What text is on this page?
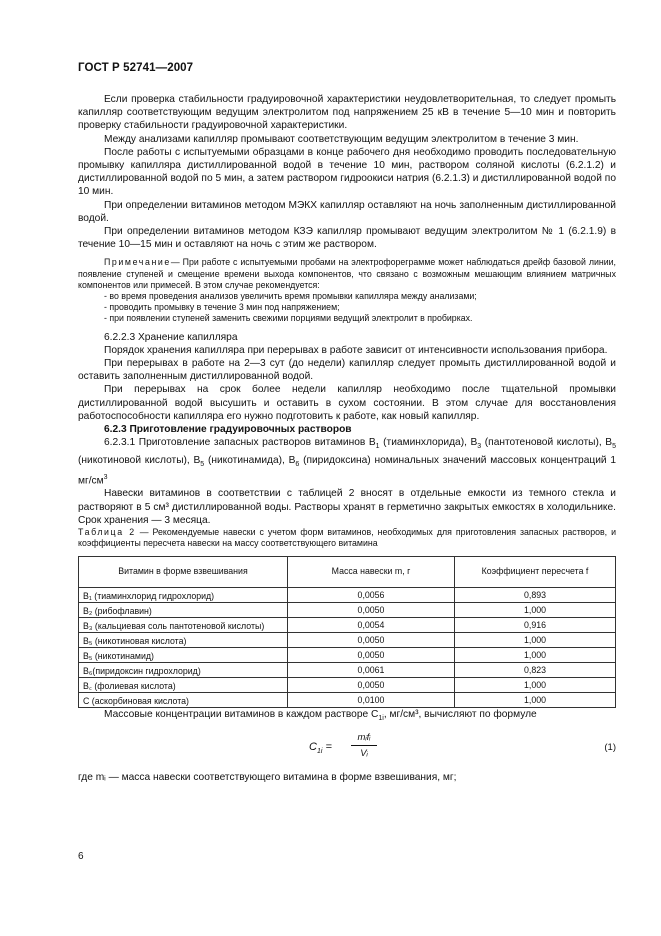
ГОСТ Р 52741—2007

Если проверка стабильности градуировочной характеристики неудовлетворительная, то следует промыть капилляр соответствующим ведущим электролитом под напряжением 25 кВ в течение 5—10 мин и повторить проверку стабильности градуировочной характеристики.

Между анализами капилляр промывают соответствующим ведущим электролитом в течение 3 мин.

После работы с испытуемыми образцами в конце рабочего дня необходимо проводить последовательную промывку капилляра дистиллированной водой в течение 10 мин, раствором соляной кислоты (6.2.1.2) и дистиллированной водой по 5 мин, а затем раствором гидроокиси натрия (6.2.1.3) и дистиллированной водой по 10 мин.

При определении витаминов методом МЭКХ капилляр оставляют на ночь заполненным дистиллированной водой.

При определении витаминов методом КЗЭ капилляр промывают ведущим электролитом № 1 (6.2.1.9) в течение 10—15 мин и оставляют на ночь с этим же раствором.

Примечание— При работе с испытуемыми пробами на электрофореграмме может наблюдаться дрейф базовой линии, появление ступеней и смещение времени выхода компонентов, что связано с возможным мешающим влиянием матричных компонентов или примесей. В этом случае рекомендуется:

- во время проведения анализов увеличить время промывки капилляра между анализами;

- проводить промывку в течение 3 мин под напряжением;

- при появлении ступеней заменить свежими порциями ведущий электролит в пробирках.

6.2.2.3 Хранение капилляра

Порядок хранения капилляра при перерывах в работе зависит от интенсивности использования прибора.

При перерывах в работе на 2—3 сут (до недели) капилляр следует промыть дистиллированной водой и оставить заполненным дистиллированной водой.

При перерывах на срок более недели капилляр необходимо после тщательной промывки дистиллированной водой высушить и оставить в сухом состоянии. В этом случае для восстановления работоспособности капилляра его нужно подготовить к работе, как новый капилляр.

6.2.3 Приготовление градуировочных растворов

6.2.3.1 Приготовление запасных растворов витаминов $В_1$ (тиаминхлорида), $В_3$ (пантотеновой кислоты), $В_5$ (никотиновой кислоты), $В_5$ (никотинамида), $В_6$ (пиридоксина) номинальных значений массовых концентраций 1 $мг/см^3$

Навески витаминов в соответствии с таблицей 2 вносят в отдельные емкости из темного стекла и растворяют в 5 см³ дистиллированной воды. Растворы хранят в герметично закрытых емкостях в холодильнике. Срок хранения — 3 месяца.

Таблица 2 — Рекомендуемые навески с учетом форм витаминов, необходимых для приготовления запасных растворов, и коэффициенты пересчета навески на массу соответствующего витамина

Витамин в форме взвешивания	Масса навески m, г	Коэффициент пересчета f
B₁ (тиаминхлорид гидрохлорид)	0,0056	0,893
B₂ (рибофлавин)	0,0050	1,000
B₃ (кальциевая соль пантотеновой кислоты)	0,0054	0,916
B₅ (никотиновая кислота)	0,0050	1,000
B₅ (никотинамид)	0,0050	1,000
B₆(пиридоксин гидрохлорид)	0,0061	0,823
B꜀ (фолиевая кислота)	0,0050	1,000
C (аскорбиновая кислота)	0,0100	1,000

Массовые концентрации витаминов в каждом растворе $C_{1i}$, мг/см³, вычисляют по формуле

$C_{1i}$ =
mᵢfᵢ
Vᵢ
(1)

где mᵢ — масса навески соответствующего витамина в форме взвешивания, мг;

6
